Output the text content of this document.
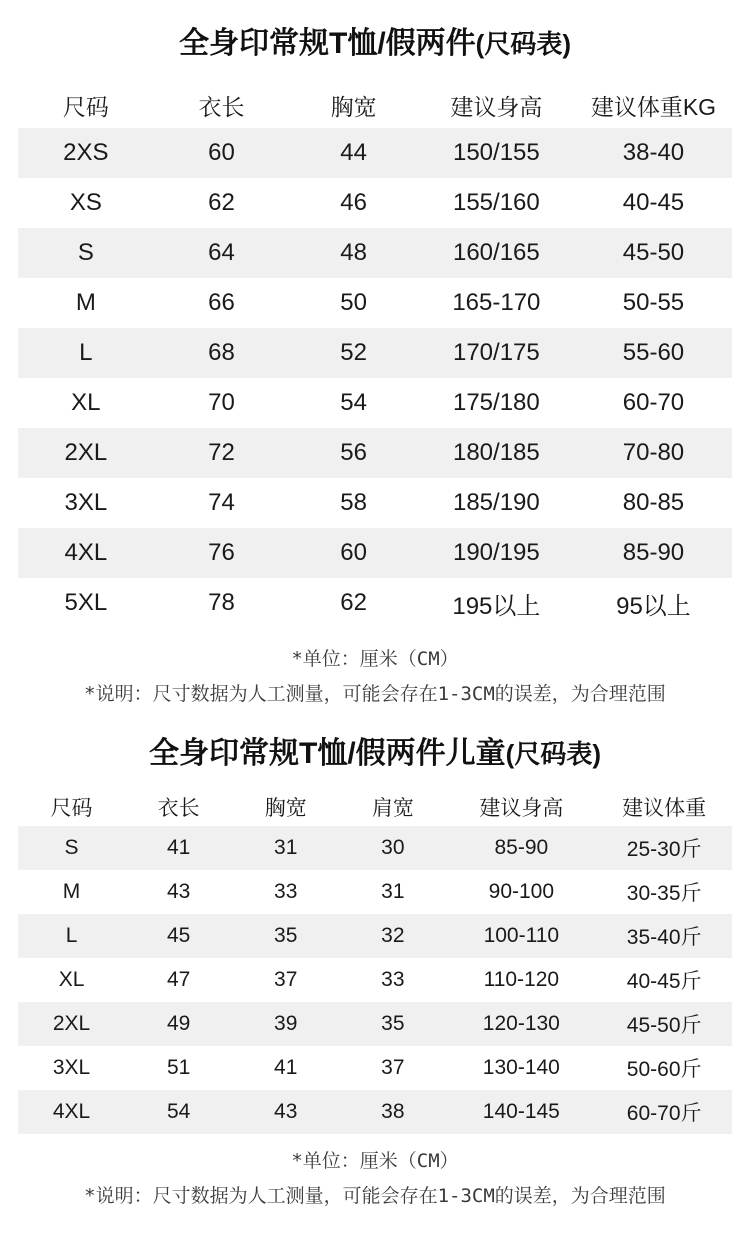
全身印常规T恤/假两件(尺码表)
尺码	衣长	胸宽	建议身高	建议体重KG
2XS	60	44	150/155	38-40
XS	62	46	155/160	40-45
S	64	48	160/165	45-50
M	66	50	165-170	50-55
L	68	52	170/175	55-60
XL	70	54	175/180	60-70
2XL	72	56	180/185	70-80
3XL	74	58	185/190	80-85
4XL	76	60	190/195	85-90
5XL	78	62	195以上	95以上
*单位：厘米（CM）
*说明：尺寸数据为人工测量，可能会存在1-3CM的误差，为合理范围
全身印常规T恤/假两件儿童(尺码表)
尺码	衣长	胸宽	肩宽	建议身高	建议体重
S	41	31	30	85-90	25-30斤
M	43	33	31	90-100	30-35斤
L	45	35	32	100-110	35-40斤
XL	47	37	33	110-120	40-45斤
2XL	49	39	35	120-130	45-50斤
3XL	51	41	37	130-140	50-60斤
4XL	54	43	38	140-145	60-70斤
*单位：厘米（CM）
*说明：尺寸数据为人工测量，可能会存在1-3CM的误差，为合理范围
